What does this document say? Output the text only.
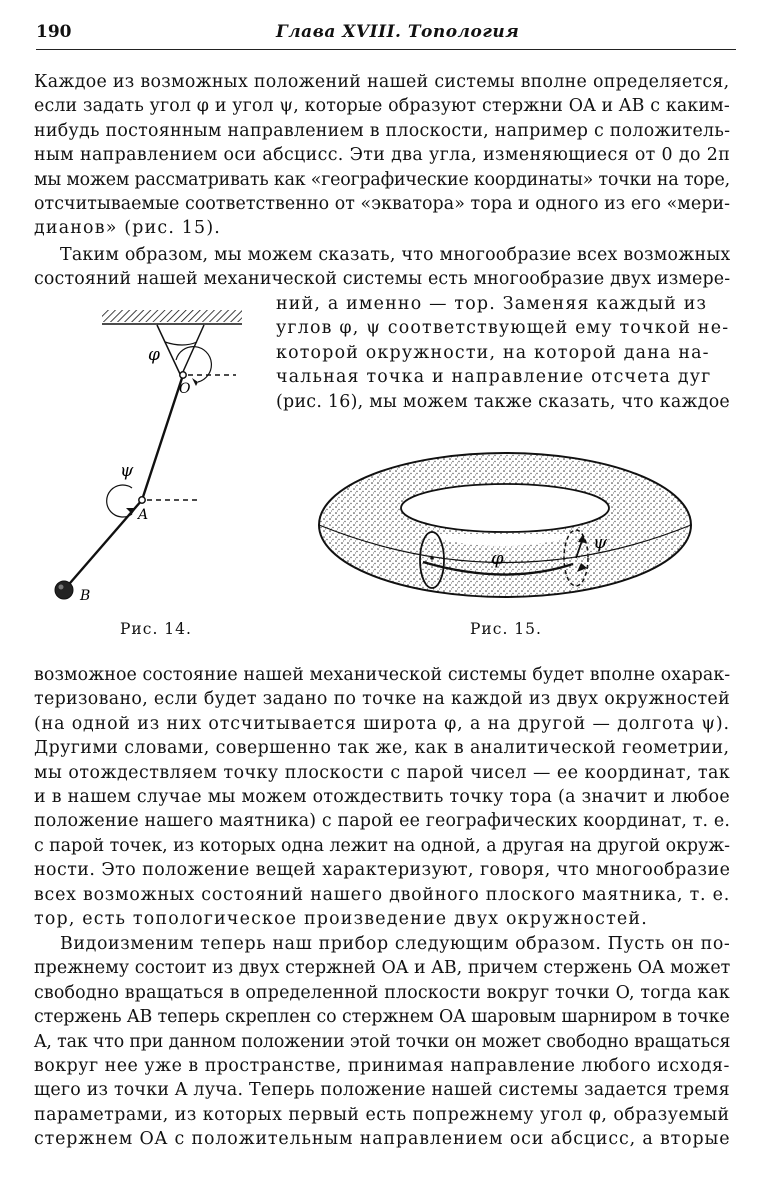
190	Глава XVIII. Топология
Каждое из возможных положений нашей системы вполне определяется,
если задать угол φ и угол ψ, которые образуют стержни OA и AB с каким-
нибудь постоянным направлением в плоскости, например с положитель-
ным направлением оси абсцисс. Эти два угла, изменяющиеся от 0 до 2π
мы можем рассматривать как «географические координаты» точки на торе,
отсчитываемые соответственно от «экватора» тора и одного из его «мери-
дианов» (рис. 15).
Таким образом, мы можем сказать, что многообразие всех возможных
состояний нашей механической системы есть многообразие двух измере-
ний, а именно — тор. Заменяя каждый из
углов φ, ψ соответствующей ему точкой не-
которой окружности, на которой дана на-
чальная точка и направление отсчета дуг
(рис. 16), мы можем также сказать, что каждое
φ
O
ψ
A
B
Рис. 14.
φ
ψ
Рис. 15.
возможное состояние нашей механической системы будет вполне охарак-
теризовано, если будет задано по точке на каждой из двух окружностей
(на одной из них отсчитывается широта φ, а на другой — долгота ψ).
Другими словами, совершенно так же, как в аналитической геометрии,
мы отождествляем точку плоскости с парой чисел — ее координат, так
и в нашем случае мы можем отождествить точку тора (а значит и любое
положение нашего маятника) с парой ее географических координат, т. е.
с парой точек, из которых одна лежит на одной, а другая на другой окруж-
ности. Это положение вещей характеризуют, говоря, что многообразие
всех возможных состояний нашего двойного плоского маятника, т. е.
тор, есть топологическое произведение двух окружностей.
Видоизменим теперь наш прибор следующим образом. Пусть он по-
прежнему состоит из двух стержней OA и AB, причем стержень OA может
свободно вращаться в определенной плоскости вокруг точки O, тогда как
стержень AB теперь скреплен со стержнем OA шаровым шарниром в точке
A, так что при данном положении этой точки он может свободно вращаться
вокруг нее уже в пространстве, принимая направление любого исходя-
щего из точки A луча. Теперь положение нашей системы задается тремя
параметрами, из которых первый есть попрежнему угол φ, образуемый
стержнем OA с положительным направлением оси абсцисс, а вторые
